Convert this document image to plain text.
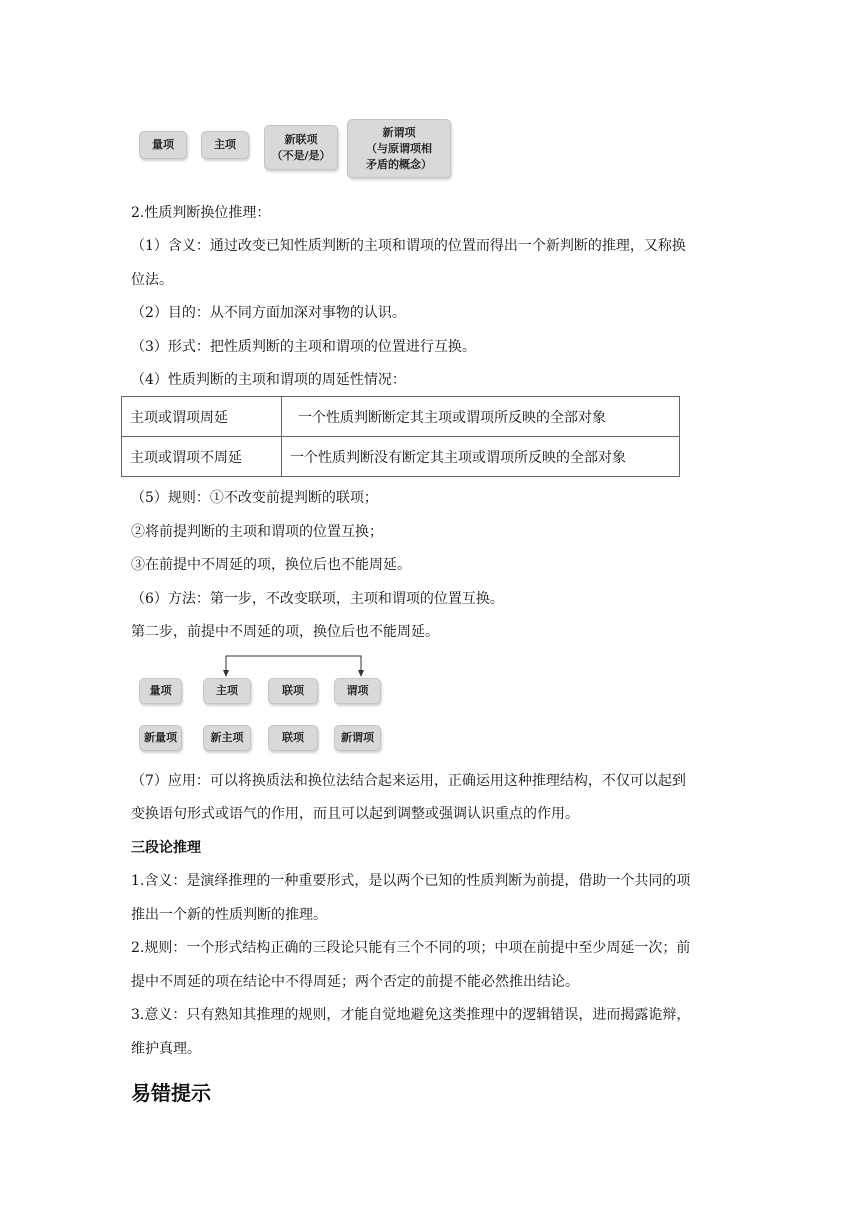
量项	主项	新联项
（不是/是）
新谓项
（与原谓项相
矛盾的概念）
2.性质判断换位推理：
（1）含义：通过改变已知性质判断的主项和谓项的位置而得出一个新判断的推理，又称换
位法。
（2）目的：从不同方面加深对事物的认识。
（3）形式：把性质判断的主项和谓项的位置进行互换。
（4）性质判断的主项和谓项的周延性情况：
主项或谓项周延	一个性质判断断定其主项或谓项所反映的全部对象
主项或谓项不周延	一个性质判断没有断定其主项或谓项所反映的全部对象
（5）规则：①不改变前提判断的联项；
②将前提判断的主项和谓项的位置互换；
③在前提中不周延的项，换位后也不能周延。
（6）方法：第一步，不改变联项，主项和谓项的位置互换。
第二步，前提中不周延的项，换位后也不能周延。
量项	主项	联项	谓项
新量项	新主项	联项	新谓项
（7）应用：可以将换质法和换位法结合起来运用，正确运用这种推理结构，不仅可以起到
变换语句形式或语气的作用，而且可以起到调整或强调认识重点的作用。
三段论推理
1.含义：是演绎推理的一种重要形式，是以两个已知的性质判断为前提，借助一个共同的项
推出一个新的性质判断的推理。
2.规则：一个形式结构正确的三段论只能有三个不同的项；中项在前提中至少周延一次；前
提中不周延的项在结论中不得周延；两个否定的前提不能必然推出结论。
3.意义：只有熟知其推理的规则，才能自觉地避免这类推理中的逻辑错误，进而揭露诡辩，
维护真理。
易错提示
